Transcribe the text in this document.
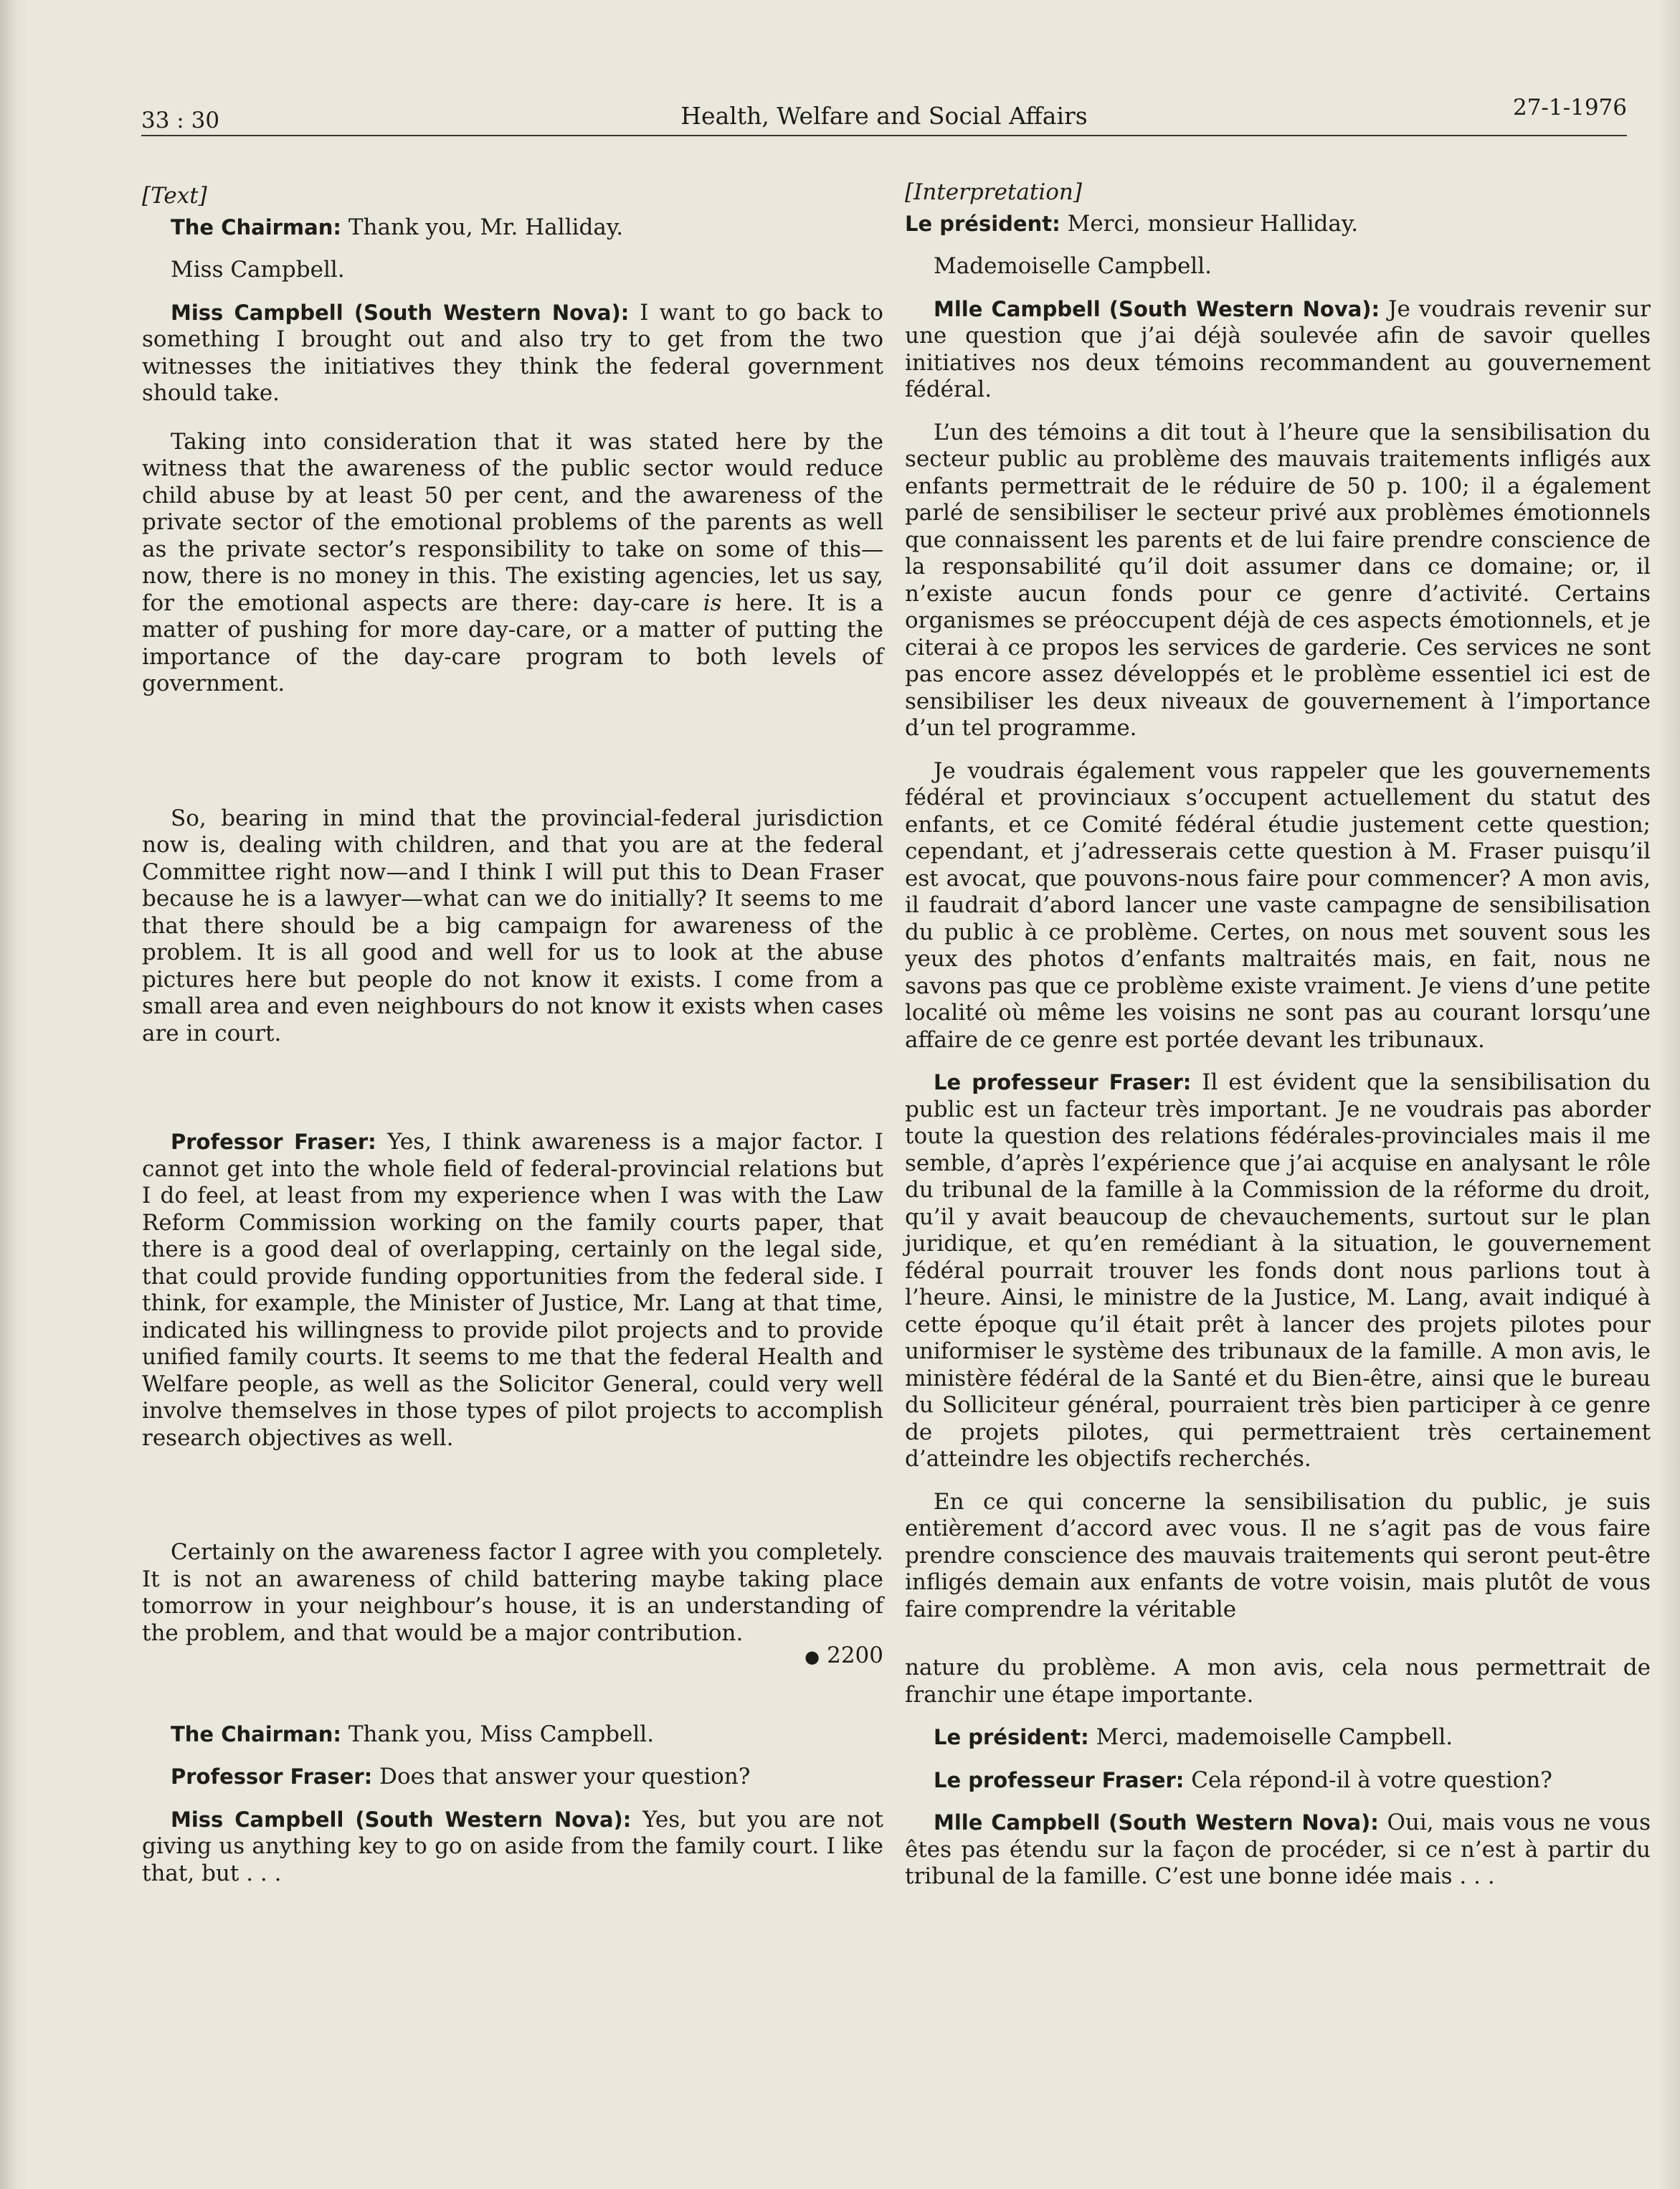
33 : 30	Health, Welfare and Social Affairs	27-1-1976

[Text]

The Chairman: Thank you, Mr. Halliday.

Miss Campbell.

Miss Campbell (South Western Nova): I want to go back to something I brought out and also try to get from the two witnesses the initiatives they think the federal government should take.

Taking into consideration that it was stated here by the witness that the awareness of the public sector would reduce child abuse by at least 50 per cent, and the awareness of the private sector of the emotional problems of the parents as well as the private sector’s responsibility to take on some of this—now, there is no money in this. The existing agencies, let us say, for the emotional aspects are there: day-care is here. It is a matter of pushing for more day-care, or a matter of putting the importance of the day-care program to both levels of government.

So, bearing in mind that the provincial-federal jurisdiction now is, dealing with children, and that you are at the federal Committee right now—and I think I will put this to Dean Fraser because he is a lawyer—what can we do initially? It seems to me that there should be a big campaign for awareness of the problem. It is all good and well for us to look at the abuse pictures here but people do not know it exists. I come from a small area and even neighbours do not know it exists when cases are in court.

Professor Fraser: Yes, I think awareness is a major factor. I cannot get into the whole field of federal-provincial relations but I do feel, at least from my experience when I was with the Law Reform Commission working on the family courts paper, that there is a good deal of overlapping, certainly on the legal side, that could provide funding opportunities from the federal side. I think, for example, the Minister of Justice, Mr. Lang at that time, indicated his willingness to provide pilot projects and to provide unified family courts. It seems to me that the federal Health and Welfare people, as well as the Solicitor General, could very well involve themselves in those types of pilot projects to accomplish research objectives as well.

Certainly on the awareness factor I agree with you completely. It is not an awareness of child battering maybe taking place tomorrow in your neighbour’s house, it is an understanding of the problem, and that would be a major contribution.

● 2200

The Chairman: Thank you, Miss Campbell.

Professor Fraser: Does that answer your question?

Miss Campbell (South Western Nova): Yes, but you are not giving us anything key to go on aside from the family court. I like that, but . . .

[Interpretation]

Le président: Merci, monsieur Halliday.

Mademoiselle Campbell.

Mlle Campbell (South Western Nova): Je voudrais revenir sur une question que j’ai déjà soulevée afin de savoir quelles initiatives nos deux témoins recommandent au gouvernement fédéral.

L’un des témoins a dit tout à l’heure que la sensibilisation du secteur public au problème des mauvais traitements infligés aux enfants permettrait de le réduire de 50 p. 100; il a également parlé de sensibiliser le secteur privé aux problèmes émotionnels que connaissent les parents et de lui faire prendre conscience de la responsabilité qu’il doit assumer dans ce domaine; or, il n’existe aucun fonds pour ce genre d’activité. Certains organismes se préoccupent déjà de ces aspects émotionnels, et je citerai à ce propos les services de garderie. Ces services ne sont pas encore assez développés et le problème essentiel ici est de sensibiliser les deux niveaux de gouvernement à l’importance d’un tel programme.

Je voudrais également vous rappeler que les gouvernements fédéral et provinciaux s’occupent actuellement du statut des enfants, et ce Comité fédéral étudie justement cette question; cependant, et j’adresserais cette question à M. Fraser puisqu’il est avocat, que pouvons-nous faire pour commencer? A mon avis, il faudrait d’abord lancer une vaste campagne de sensibilisation du public à ce problème. Certes, on nous met souvent sous les yeux des photos d’enfants maltraités mais, en fait, nous ne savons pas que ce problème existe vraiment. Je viens d’une petite localité où même les voisins ne sont pas au courant lorsqu’une affaire de ce genre est portée devant les tribunaux.

Le professeur Fraser: Il est évident que la sensibilisation du public est un facteur très important. Je ne voudrais pas aborder toute la question des relations fédérales-provinciales mais il me semble, d’après l’expérience que j’ai acquise en analysant le rôle du tribunal de la famille à la Commission de la réforme du droit, qu’il y avait beaucoup de chevauchements, surtout sur le plan juridique, et qu’en remédiant à la situation, le gouvernement fédéral pourrait trouver les fonds dont nous parlions tout à l’heure. Ainsi, le ministre de la Justice, M. Lang, avait indiqué à cette époque qu’il était prêt à lancer des projets pilotes pour uniformiser le système des tribunaux de la famille. A mon avis, le ministère fédéral de la Santé et du Bien-être, ainsi que le bureau du Solliciteur général, pourraient très bien participer à ce genre de projets pilotes, qui permettraient très certainement d’atteindre les objectifs recherchés.

En ce qui concerne la sensibilisation du public, je suis entièrement d’accord avec vous. Il ne s’agit pas de vous faire prendre conscience des mauvais traitements qui seront peut-être infligés demain aux enfants de votre voisin, mais plutôt de vous faire comprendre la véritable

nature du problème. A mon avis, cela nous permettrait de franchir une étape importante.

Le président: Merci, mademoiselle Campbell.

Le professeur Fraser: Cela répond-il à votre question?

Mlle Campbell (South Western Nova): Oui, mais vous ne vous êtes pas étendu sur la façon de procéder, si ce n’est à partir du tribunal de la famille. C’est une bonne idée mais . . .
